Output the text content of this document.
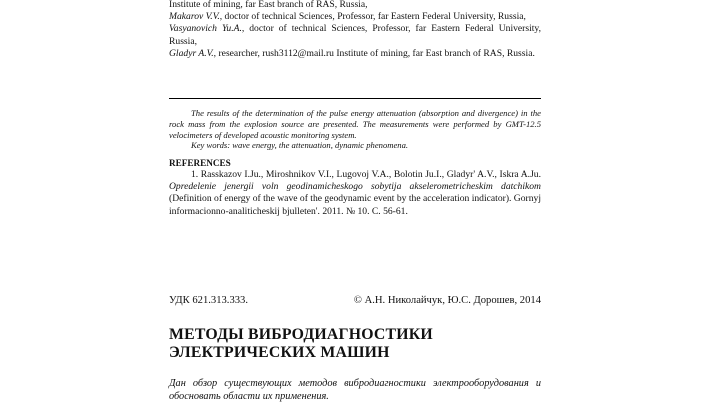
Institute of mining, far East branch of RAS, Russia,

Makarov V.V., doctor of technical Sciences, Professor, far Eastern Federal University, Russia,

Vasyanovich Yu.A., doctor of technical Sciences, Professor, far Eastern Federal University, Russia,

Gladyr A.V., researcher, rush3112@mail.ru Institute of mining, far East branch of RAS, Russia.

The results of the determination of the pulse energy attenuation (absorption and divergence) in the rock mass from the explosion source are presented. The measurements were performed by GMT-12.5 velocimeters of developed acoustic monitoring system.

Key words: wave energy, the attenuation, dynamic phenomena.

REFERENCES

1. Rasskazov I.Ju., Miroshnikov V.I., Lugovoj V.A., Bolotin Ju.I., Gladyr' A.V., Iskra A.Ju. Opredelenie jenergii voln geodinamicheskogo sobytija akselerometricheskim datchikom (Definition of energy of the wave of the geodynamic event by the acceleration indicator). Gornyj informacionno-analiticheskij bjulleten'. 2011. № 10. C. 56-61.

УДК 621.313.333.	© А.Н. Николайчук, Ю.С. Дорошев, 2014
МЕТОДЫ ВИБРОДИАГНОСТИКИ
ЭЛЕКТРИЧЕСКИХ МАШИН

Дан обзор существующих методов вибродиагностики электрооборудования и обосновать области их применения.
